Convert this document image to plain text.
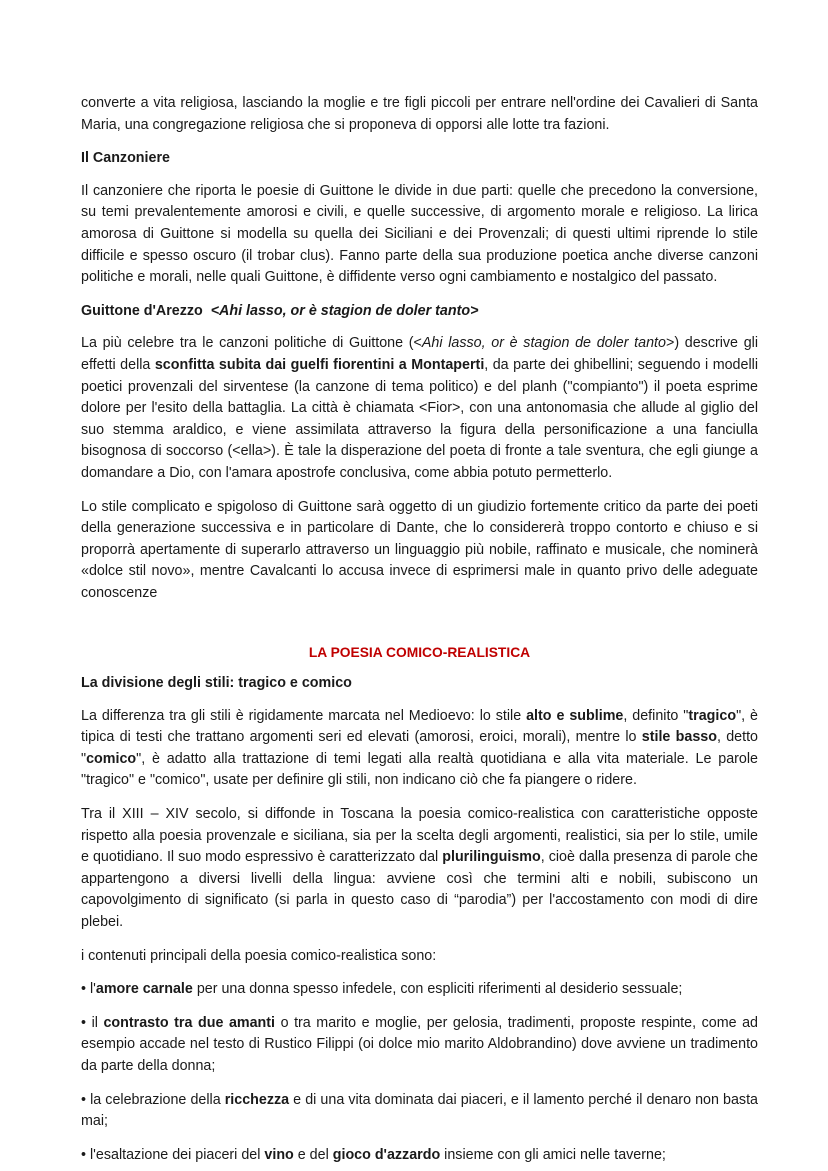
converte a vita religiosa, lasciando la moglie e tre figli piccoli per entrare nell'ordine dei Cavalieri di Santa Maria, una congregazione religiosa che si proponeva di opporsi alle lotte tra fazioni.

Il Canzoniere

Il canzoniere che riporta le poesie di Guittone le divide in due parti: quelle che precedono la conversione, su temi prevalentemente amorosi e civili, e quelle successive, di argomento morale e religioso. La lirica amorosa di Guittone si modella su quella dei Siciliani e dei Provenzali; di questi ultimi riprende lo stile difficile e spesso oscuro (il trobar clus). Fanno parte della sua produzione poetica anche diverse canzoni politiche e morali, nelle quali Guittone, è diffidente verso ogni cambiamento e nostalgico del passato.

Guittone d'Arezzo <Ahi lasso, or è stagion de doler tanto>

La più celebre tra le canzoni politiche di Guittone (<Ahi lasso, or è stagion de doler tanto>) descrive gli effetti della sconfitta subita dai guelfi fiorentini a Montaperti, da parte dei ghibellini; seguendo i modelli poetici provenzali del sirventese (la canzone di tema politico) e del planh ("compianto") il poeta esprime dolore per l'esito della battaglia. La città è chiamata <Fior>, con una antonomasia che allude al giglio del suo stemma araldico, e viene assimilata attraverso la figura della personificazione a una fanciulla bisognosa di soccorso (<ella>). È tale la disperazione del poeta di fronte a tale sventura, che egli giunge a domandare a Dio, con l'amara apostrofe conclusiva, come abbia potuto permetterlo.

Lo stile complicato e spigoloso di Guittone sarà oggetto di un giudizio fortemente critico da parte dei poeti della generazione successiva e in particolare di Dante, che lo considererà troppo contorto e chiuso e si proporrà apertamente di superarlo attraverso un linguaggio più nobile, raffinato e musicale, che nominerà «dolce stil novo», mentre Cavalcanti lo accusa invece di esprimersi male in quanto privo delle adeguate conoscenze

LA POESIA COMICO-REALISTICA
La divisione degli stili: tragico e comico

La differenza tra gli stili è rigidamente marcata nel Medioevo: lo stile alto e sublime, definito "tragico", è tipica di testi che trattano argomenti seri ed elevati (amorosi, eroici, morali), mentre lo stile basso, detto "comico", è adatto alla trattazione di temi legati alla realtà quotidiana e alla vita materiale. Le parole "tragico" e "comico", usate per definire gli stili, non indicano ciò che fa piangere o ridere.

Tra il XIII – XIV secolo, si diffonde in Toscana la poesia comico-realistica con caratteristiche opposte rispetto alla poesia provenzale e siciliana, sia per la scelta degli argomenti, realistici, sia per lo stile, umile e quotidiano. Il suo modo espressivo è caratterizzato dal plurilinguismo, cioè dalla presenza di parole che appartengono a diversi livelli della lingua: avviene così che termini alti e nobili, subiscono un capovolgimento di significato (si parla in questo caso di “parodia”) per l'accostamento con modi di dire plebei.

i contenuti principali della poesia comico-realistica sono:

• l'amore carnale per una donna spesso infedele, con espliciti riferimenti al desiderio sessuale;

• il contrasto tra due amanti o tra marito e moglie, per gelosia, tradimenti, proposte respinte, come ad esempio accade nel testo di Rustico Filippi (oi dolce mio marito Aldobrandino) dove avviene un tradimento da parte della donna;

• la celebrazione della ricchezza e di una vita dominata dai piaceri, e il lamento perché il denaro non basta mai;

• l'esaltazione dei piaceri del vino e del gioco d'azzardo insieme con gli amici nelle taverne;
